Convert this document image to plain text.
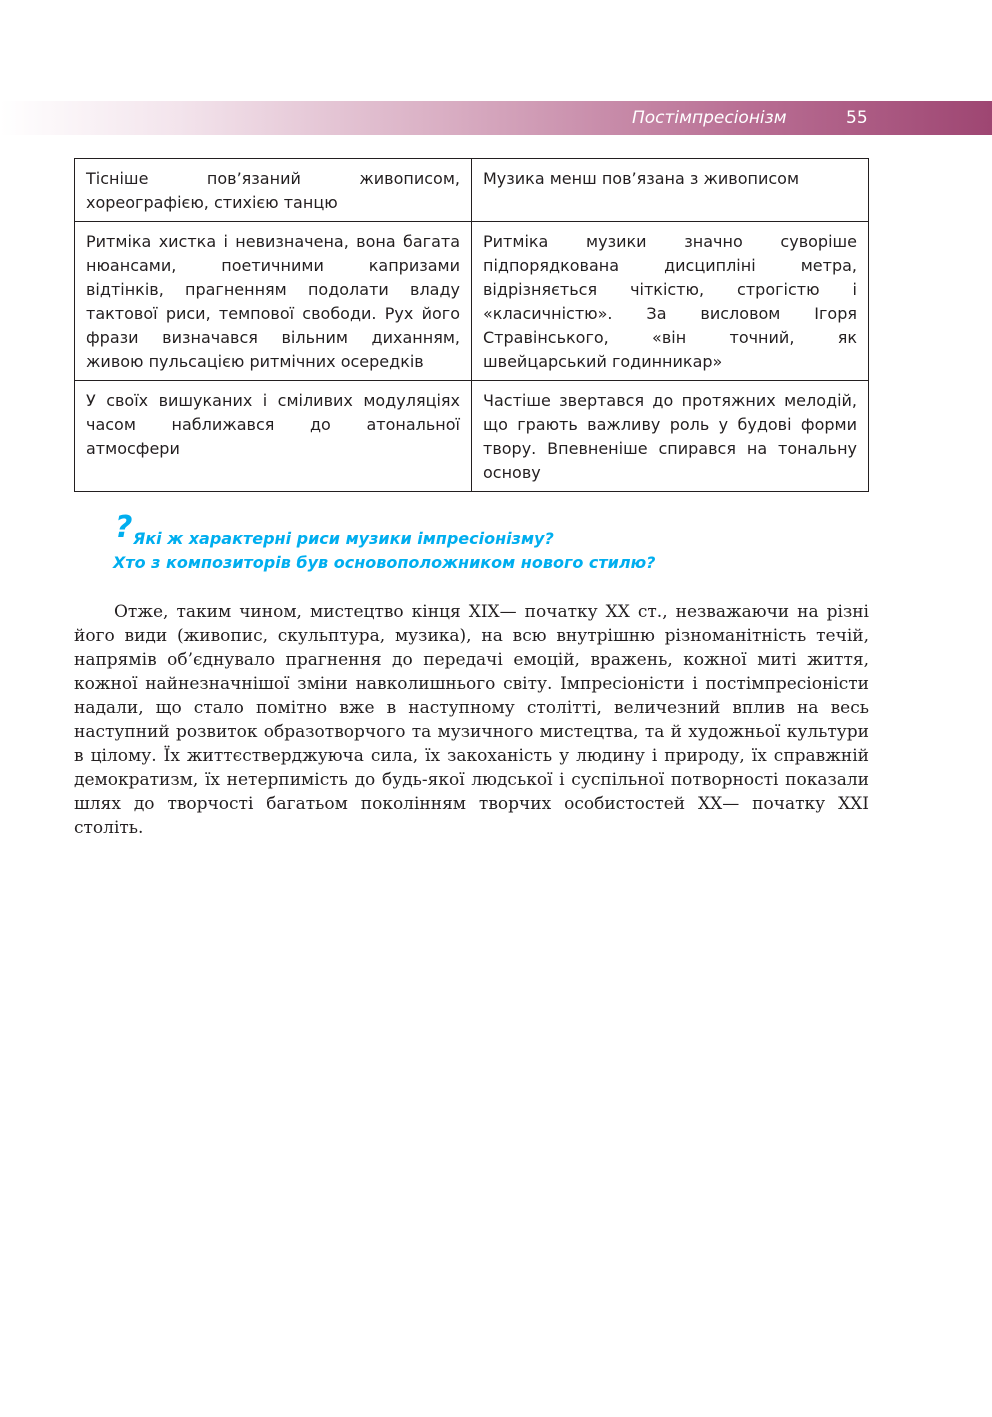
Постімпресіонізм	55
Тісніше пов’язаний живописом, хореографією, стихією танцю	Музика менш пов’язана з живописом
Ритміка хистка і невизначена, вона багата нюансами, поетичними капризами відтінків, прагненням подолати владу тактової риси, темпової свободи. Рух його фрази визначався вільним диханням, живою пульсацією ритмічних осередків	Ритміка музики значно суворіше підпорядкована дисципліні метра, відрізняється чіткістю, строгістю і «класичністю». За висловом Ігоря Стравінського, «він точний, як швейцарський годинникар»
У своїх вишуканих і сміливих модуляціях часом наближався до атональної атмосфери	Частіше звертався до протяжних мелодій, що грають важливу роль у будові форми твору. Впевненіше спирався на тональну основу
? Які ж характерні риси музики імпресіонізму?
Хто з композиторів був основоположником нового стилю?

Отже, таким чином, мистецтво кінця XIX— початку XX ст., незважаючи на різні його види (живопис, скульптура, музика), на всю внутрішню різноманітність течій, напрямів об’єднувало прагнення до передачі емоцій, вражень, кожної миті життя, кожної найнезначнішої зміни навколишнього світу. Імпресіоністи і постімпресіоністи надали, що стало помітно вже в наступному столітті, величезний вплив на весь наступний розвиток образотворчого та музичного мистецтва, та й художньої культури в цілому. Їх життєстверджуюча сила, їх закоханість у людину і природу, їх справжній демократизм, їх нетерпимість до будь-якої людської і суспільної потворності показали шлях до творчості багатьом поколінням творчих особистостей XX— початку XXI століть.
